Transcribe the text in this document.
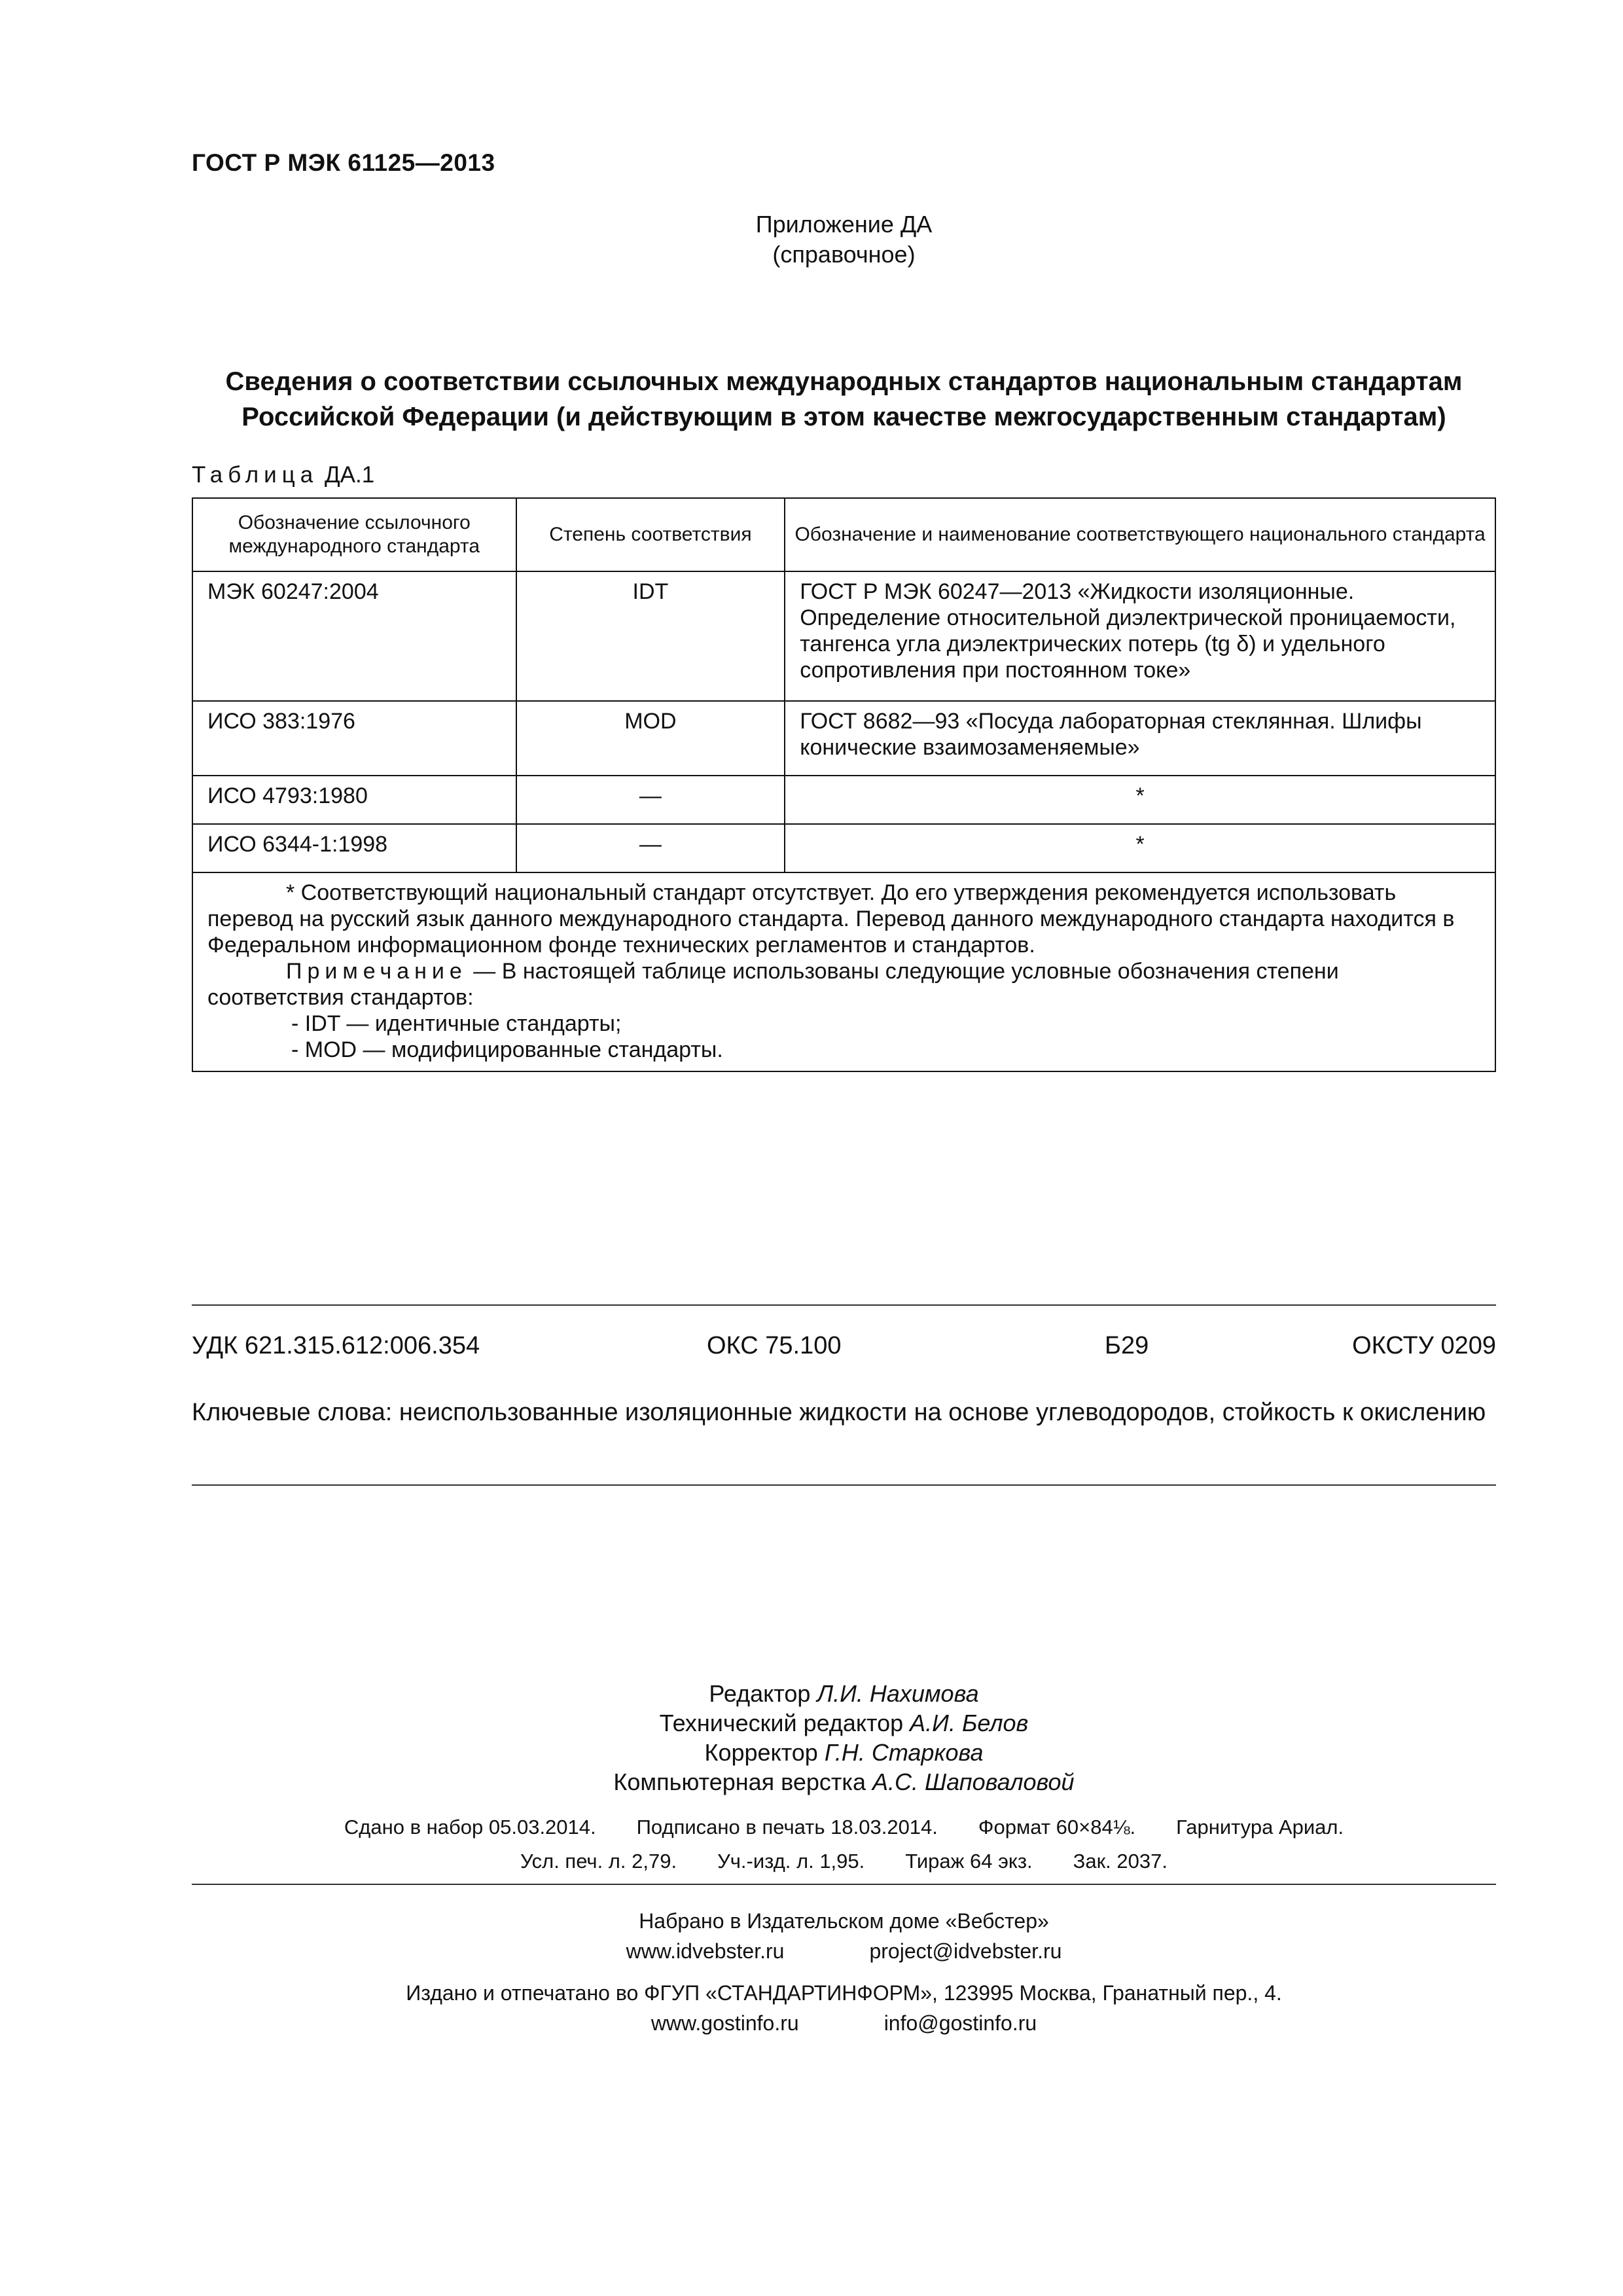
ГОСТ Р МЭК 61125—2013
Приложение ДА
(справочное)
Сведения о соответствии ссылочных международных стандартов национальным стандартам
Российской Федерации (и действующим в этом качестве межгосударственным стандартам)
Таблица ДА.1
Обозначение ссылочного международного стандарта	Степень соответствия	Обозначение и наименование соответствующего национального стандарта
МЭК 60247:2004	IDT	ГОСТ Р МЭК 60247—2013 «Жидкости изоляционные. Определение относительной диэлектрической проницаемости, тангенса угла диэлектрических потерь (tg δ) и удельного сопротивления при постоянном токе»
ИСО 383:1976	MOD	ГОСТ 8682—93 «Посуда лабораторная стеклянная. Шлифы конические взаимозаменяемые»
ИСО 4793:1980	—	*
ИСО 6344-1:1998	—	*

* Соответствующий национальный стандарт отсутствует. До его утверждения рекомендуется использовать перевод на русский язык данного международного стандарта. Перевод данного международного стандарта находится в Федеральном информационном фонде технических регламентов и стандартов.

Примечание — В настоящей таблице использованы следующие условные обозначения степени соответствия стандартов:

- IDT — идентичные стандарты;

- MOD — модифицированные стандарты.		

УДК 621.315.612:006.354	ОКС 75.100	Б29	ОКСТУ 0209
Ключевые слова: неиспользованные изоляционные жидкости на основе углеводородов, стойкость к окислению
Редактор Л.И. Нахимова
Технический редактор А.И. Белов
Корректор Г.Н. Старкова
Компьютерная верстка А.С. Шаповаловой
Сдано в набор 05.03.2014. Подписано в печать 18.03.2014. Формат 60×84⅛. Гарнитура Ариал.
Усл. печ. л. 2,79. Уч.-изд. л. 1,95. Тираж 64 экз. Зак. 2037.
Набрано в Издательском доме «Вебстер»
www.idvebster.ru	project@idvebster.ru
Издано и отпечатано во ФГУП «СТАНДАРТИНФОРМ», 123995 Москва, Гранатный пер., 4.
www.gostinfo.ru	info@gostinfo.ru
